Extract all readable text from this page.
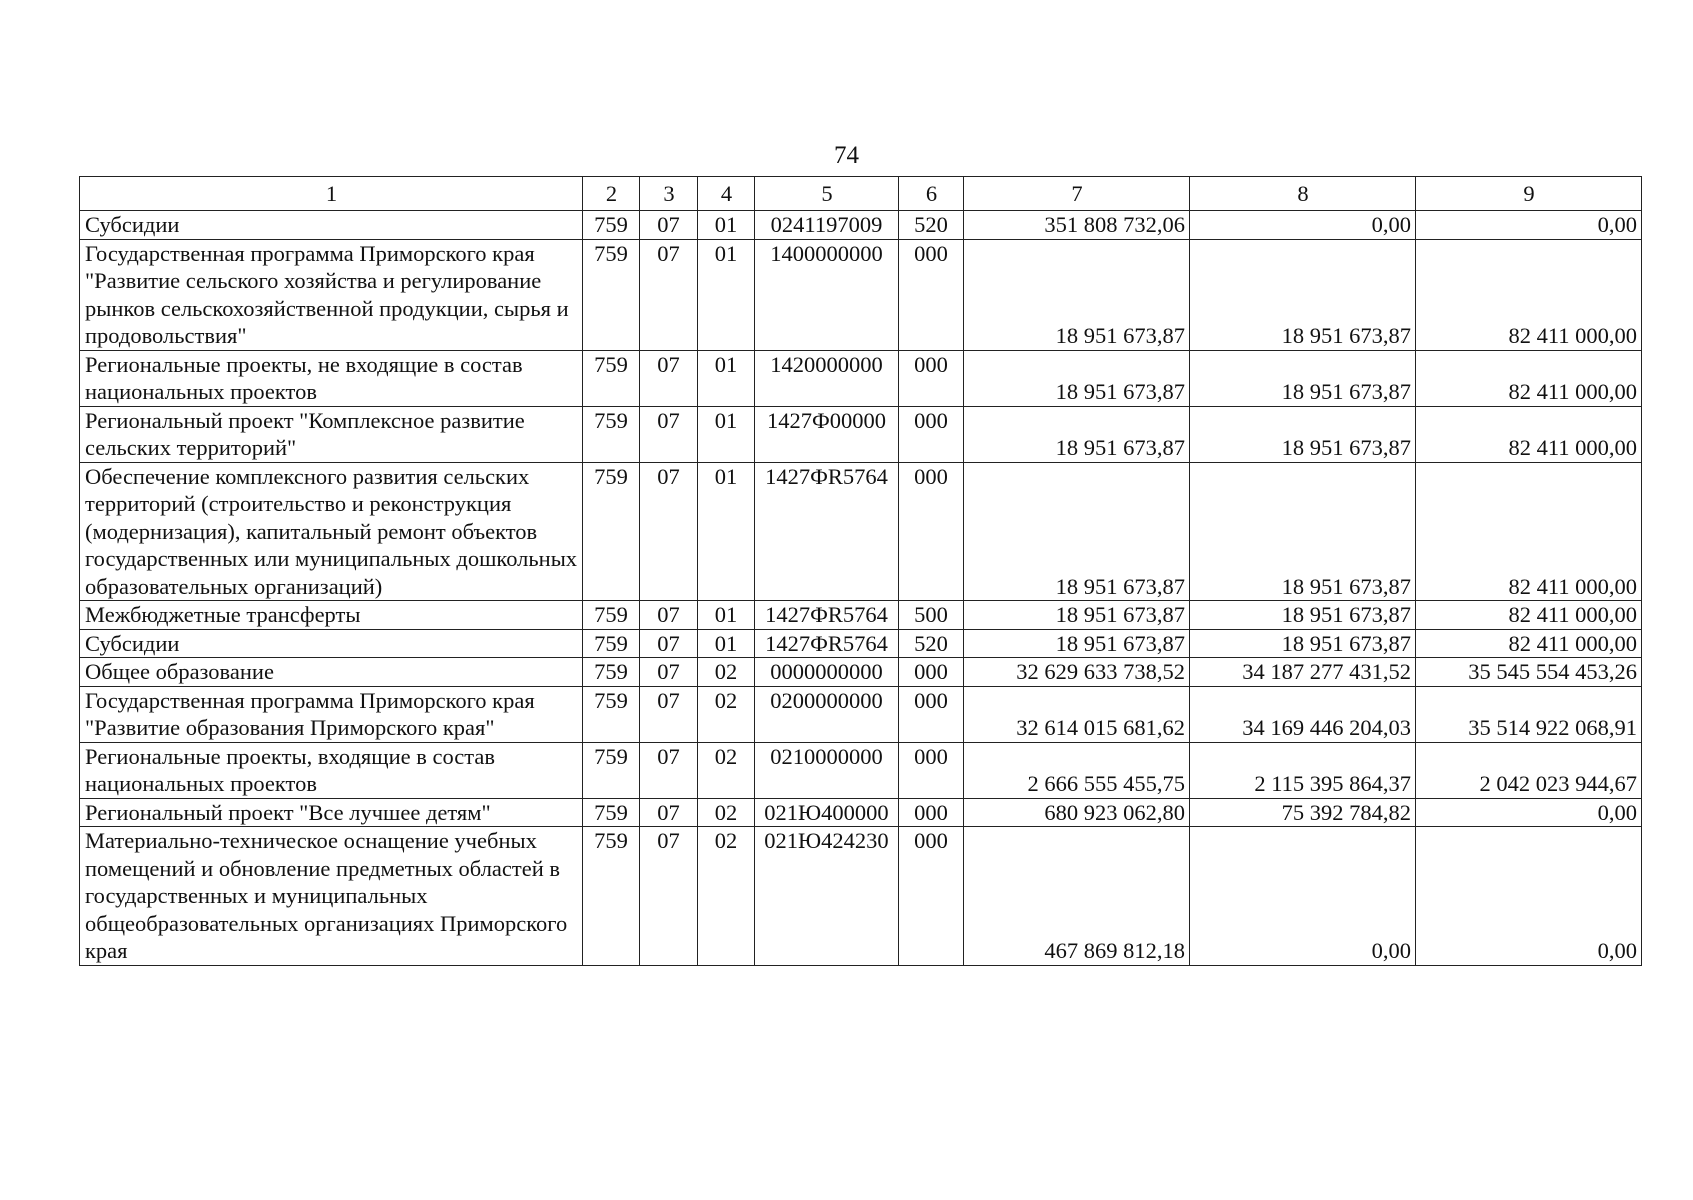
74
1	2	3	4	5	6	7	8	9
Субсидии	759	07	01	0241197009	520	351 808 732,06	0,00	0,00
Государственная программа Приморского края "Развитие сельского хозяйства и регулирование рынков сельскохозяйственной продукции, сырья и продовольствия"	759	07	01	1400000000	000	18 951 673,87	18 951 673,87	82 411 000,00
Региональные проекты, не входящие в состав национальных проектов	759	07	01	1420000000	000	18 951 673,87	18 951 673,87	82 411 000,00
Региональный проект "Комплексное развитие сельских территорий"	759	07	01	1427Ф00000	000	18 951 673,87	18 951 673,87	82 411 000,00
Обеспечение комплексного развития сельских территорий (строительство и реконструкция (модернизация), капитальный ремонт объектов государственных или муниципальных дошкольных образовательных организаций)	759	07	01	1427ФR5764	000	18 951 673,87	18 951 673,87	82 411 000,00
Межбюджетные трансферты	759	07	01	1427ФR5764	500	18 951 673,87	18 951 673,87	82 411 000,00
Субсидии	759	07	01	1427ФR5764	520	18 951 673,87	18 951 673,87	82 411 000,00
Общее образование	759	07	02	0000000000	000	32 629 633 738,52	34 187 277 431,52	35 545 554 453,26
Государственная программа Приморского края "Развитие образования Приморского края"	759	07	02	0200000000	000	32 614 015 681,62	34 169 446 204,03	35 514 922 068,91
Региональные проекты, входящие в состав национальных проектов	759	07	02	0210000000	000	2 666 555 455,75	2 115 395 864,37	2 042 023 944,67
Региональный проект "Все лучшее детям"	759	07	02	021Ю400000	000	680 923 062,80	75 392 784,82	0,00
Материально-техническое оснащение учебных помещений и обновление предметных областей в государственных и муниципальных общеобразовательных организациях Приморского края	759	07	02	021Ю424230	000	467 869 812,18	0,00	0,00
